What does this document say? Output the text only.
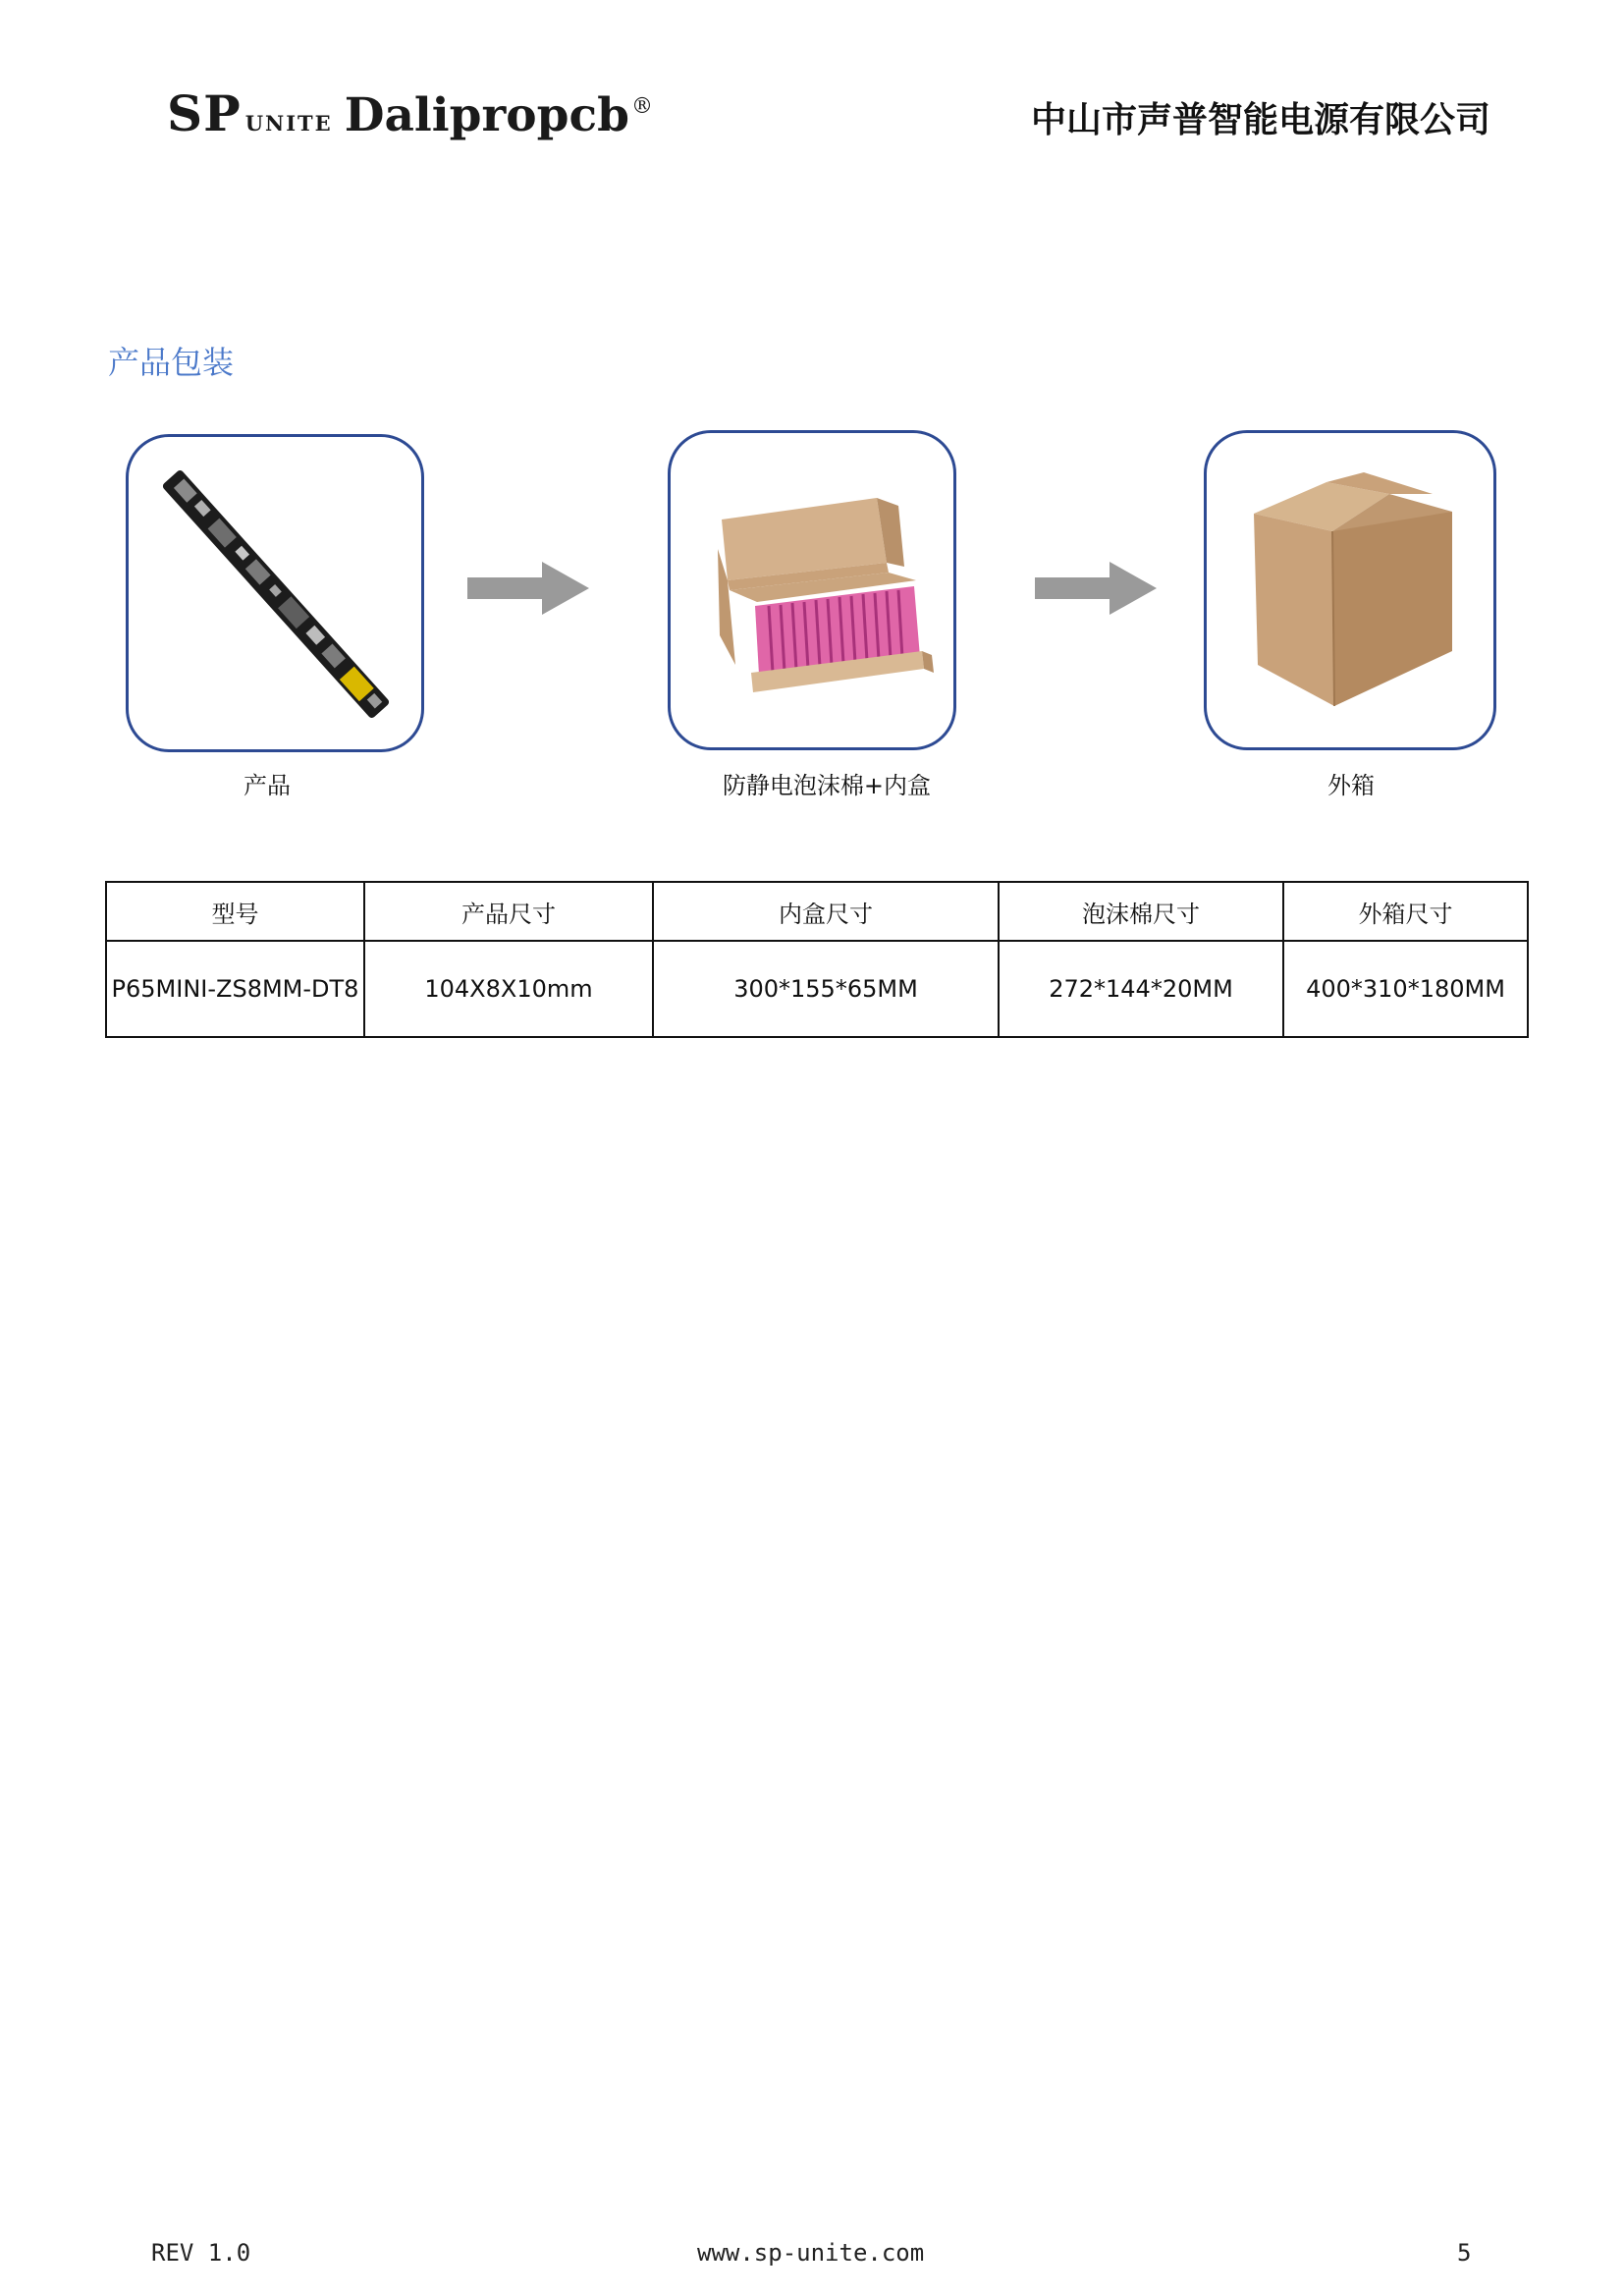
SP UNITE Dalipropcb ®	中山市声普智能电源有限公司
产品包装
产品	防静电泡沫棉+内盒	外箱
型号	产品尺寸	内盒尺寸	泡沫棉尺寸	外箱尺寸
P65MINI-ZS8MM-DT8	104X8X10mm	300*155*65MM	272*144*20MM	400*310*180MM
REV 1.0	www.sp-unite.com	5
